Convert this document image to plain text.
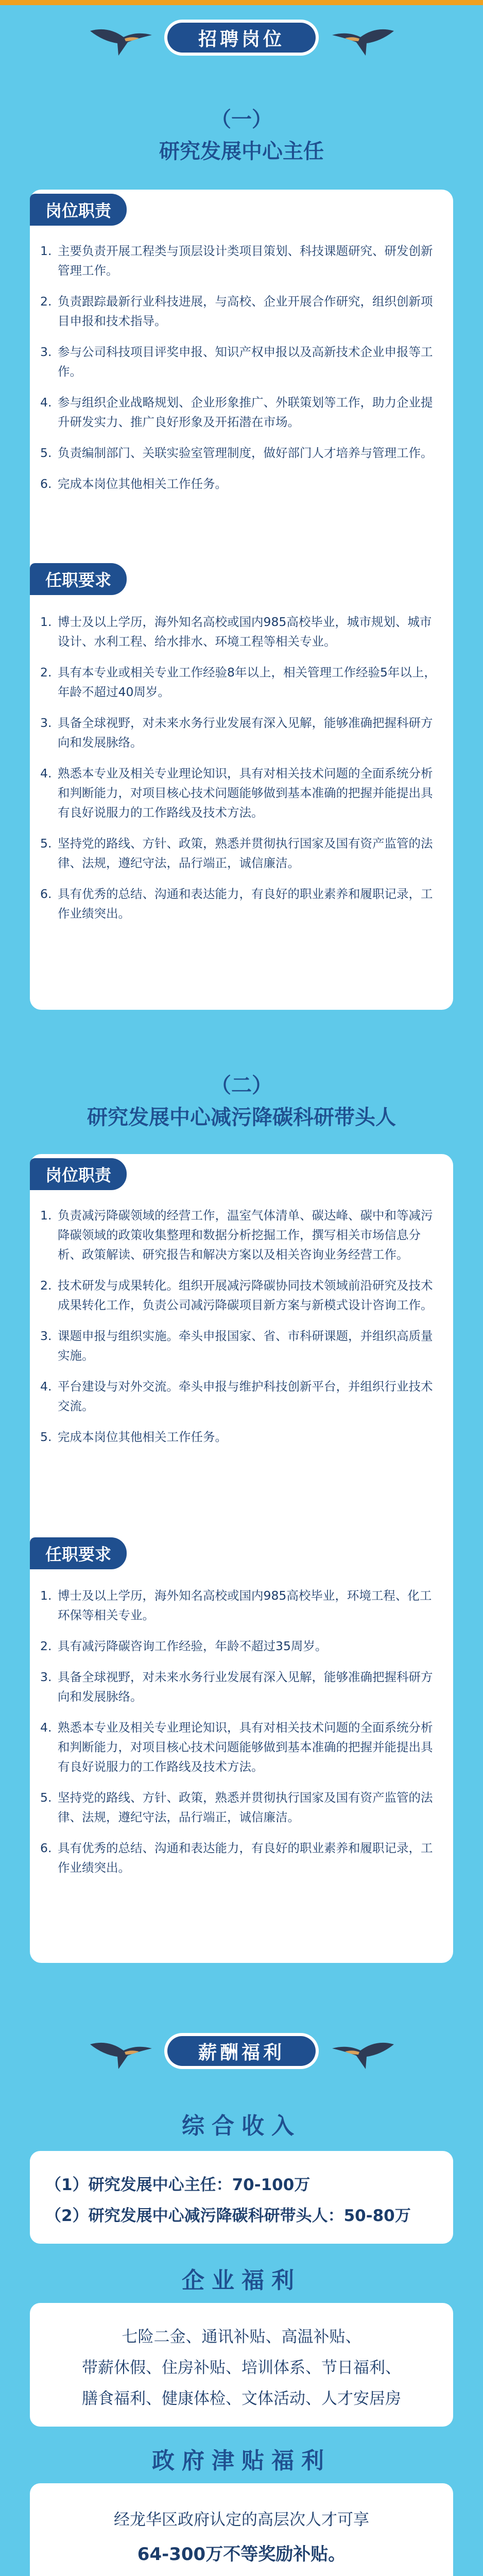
招聘岗位
（一）
研究发展中心主任
岗位职责
1. 主要负责开展工程类与顶层设计类项目策划、科技课题研究、研发创新管理工作。
2. 负责跟踪最新行业科技进展，与高校、企业开展合作研究，组织创新项目申报和技术指导。
3. 参与公司科技项目评奖申报、知识产权申报以及高新技术企业申报等工作。
4. 参与组织企业战略规划、企业形象推广、外联策划等工作，助力企业提升研发实力、推广良好形象及开拓潜在市场。
5. 负责编制部门、关联实验室管理制度，做好部门人才培养与管理工作。
6. 完成本岗位其他相关工作任务。
任职要求
1. 博士及以上学历，海外知名高校或国内985高校毕业，城市规划、城市设计、水利工程、给水排水、环境工程等相关专业。
2. 具有本专业或相关专业工作经验8年以上，相关管理工作经验5年以上，年龄不超过40周岁。
3. 具备全球视野，对未来水务行业发展有深入见解，能够准确把握科研方向和发展脉络。
4. 熟悉本专业及相关专业理论知识，具有对相关技术问题的全面系统分析和判断能力，对项目核心技术问题能够做到基本准确的把握并能提出具有良好说服力的工作路线及技术方法。
5. 坚持党的路线、方针、政策，熟悉并贯彻执行国家及国有资产监管的法律、法规，遵纪守法，品行端正，诚信廉洁。
6. 具有优秀的总结、沟通和表达能力，有良好的职业素养和履职记录，工作业绩突出。
（二）
研究发展中心减污降碳科研带头人
岗位职责
1. 负责减污降碳领域的经营工作，温室气体清单、碳达峰、碳中和等减污降碳领域的政策收集整理和数据分析挖掘工作，撰写相关市场信息分析、政策解读、研究报告和解决方案以及相关咨询业务经营工作。
2. 技术研发与成果转化。组织开展减污降碳协同技术领域前沿研究及技术成果转化工作，负责公司减污降碳项目新方案与新模式设计咨询工作。
3. 课题申报与组织实施。牵头申报国家、省、市科研课题，并组织高质量实施。
4. 平台建设与对外交流。牵头申报与维护科技创新平台，并组织行业技术交流。
5. 完成本岗位其他相关工作任务。
任职要求
1. 博士及以上学历，海外知名高校或国内985高校毕业，环境工程、化工环保等相关专业。
2. 具有减污降碳咨询工作经验，年龄不超过35周岁。
3. 具备全球视野，对未来水务行业发展有深入见解，能够准确把握科研方向和发展脉络。
4. 熟悉本专业及相关专业理论知识，具有对相关技术问题的全面系统分析和判断能力，对项目核心技术问题能够做到基本准确的把握并能提出具有良好说服力的工作路线及技术方法。
5. 坚持党的路线、方针、政策，熟悉并贯彻执行国家及国有资产监管的法律、法规，遵纪守法，品行端正，诚信廉洁。
6. 具有优秀的总结、沟通和表达能力，有良好的职业素养和履职记录，工作业绩突出。
薪酬福利
综合收入
（1）研究发展中心主任：70-100万
（2）研究发展中心减污降碳科研带头人：50-80万
企业福利
七险二金、通讯补贴、高温补贴、
带薪休假、住房补贴、培训体系、节日福利、
膳食福利、健康体检、文体活动、人才安居房
政府津贴福利
经龙华区政府认定的高层次人才可享
64-300万不等奖励补贴。
